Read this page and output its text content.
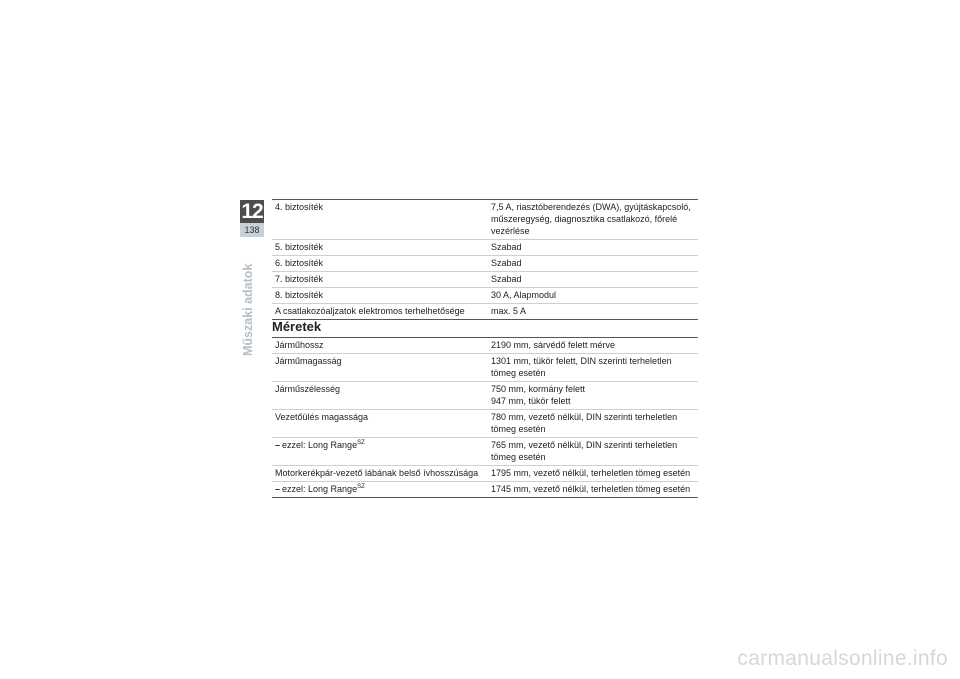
12
138
Műszaki adatok
4. biztosíték	7,5 A, riasztóberendezés (DWA), gyújtáskapcsoló, műszeregység, diagnosztika csatlakozó, főrelé vezérlése
5. biztosíték	Szabad
6. biztosíték	Szabad
7. biztosíték	Szabad
8. biztosíték	30 A, Alapmodul
A csatlakozóaljzatok elektromos terhelhetősége	max. 5 A
Méretek
Járműhossz	2190 mm, sárvédő felett mérve
Járműmagasság	1301 mm, tükör felett, DIN szerinti terheletlen tömeg esetén
Járműszélesség	750 mm, kormány felett
947 mm, tükör felett

Vezetőülés magassága	780 mm, vezető nélkül, DIN szerinti terheletlen tömeg esetén
– ezzel: Long Range$^{SZ}$	765 mm, vezető nélkül, DIN szerinti terheletlen tömeg esetén
Motorkerékpár-vezető lábának belső ívhosszúsága	1795 mm, vezető nélkül, terheletlen tömeg esetén
– ezzel: Long Range$^{SZ}$	1745 mm, vezető nélkül, terheletlen tömeg esetén
carmanualsonline.info
